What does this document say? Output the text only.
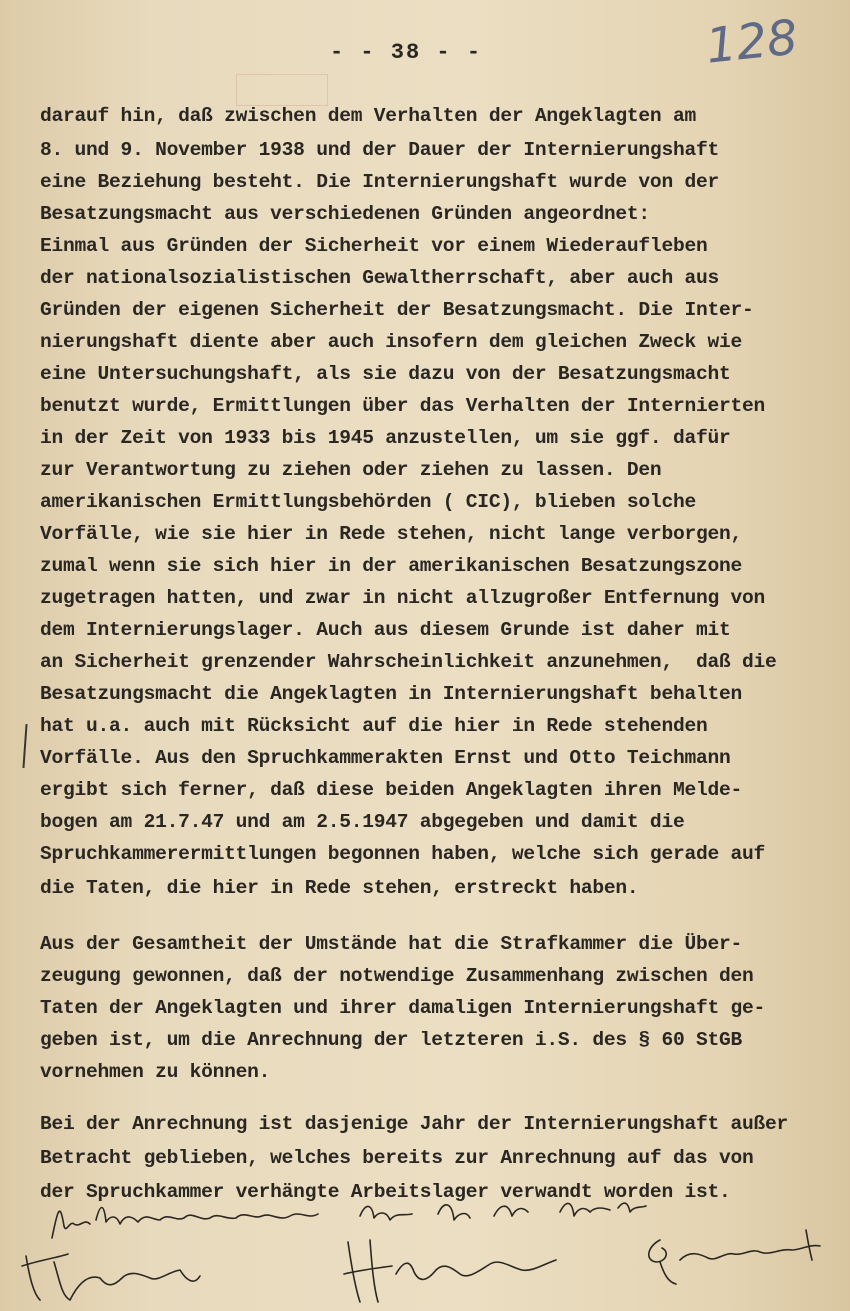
- - 38 - -	128
darauf hin, daß zwischen dem Verhalten der Angeklagten am
8. und 9. November 1938 und der Dauer der Internierungshaft
eine Beziehung besteht. Die Internierungshaft wurde von der
Besatzungsmacht aus verschiedenen Gründen angeordnet:
Einmal aus Gründen der Sicherheit vor einem Wiederaufleben
der nationalsozialistischen Gewaltherrschaft, aber auch aus
Gründen der eigenen Sicherheit der Besatzungsmacht. Die Inter-
nierungshaft diente aber auch insofern dem gleichen Zweck wie
eine Untersuchungshaft, als sie dazu von der Besatzungsmacht
benutzt wurde, Ermittlungen über das Verhalten der Internierten
in der Zeit von 1933 bis 1945 anzustellen, um sie ggf. dafür
zur Verantwortung zu ziehen oder ziehen zu lassen. Den
amerikanischen Ermittlungsbehörden ( CIC), blieben solche
Vorfälle, wie sie hier in Rede stehen, nicht lange verborgen,
zumal wenn sie sich hier in der amerikanischen Besatzungszone
zugetragen hatten, und zwar in nicht allzugroßer Entfernung von
dem Internierungslager. Auch aus diesem Grunde ist daher mit
an Sicherheit grenzender Wahrscheinlichkeit anzunehmen,  daß die
Besatzungsmacht die Angeklagten in Internierungshaft behalten
hat u.a. auch mit Rücksicht auf die hier in Rede stehenden
Vorfälle. Aus den Spruchkammerakten Ernst und Otto Teichmann
ergibt sich ferner, daß diese beiden Angeklagten ihren Melde-
bogen am 21.7.47 und am 2.5.1947 abgegeben und damit die
Spruchkammerermittlungen begonnen haben, welche sich gerade auf
die Taten, die hier in Rede stehen, erstreckt haben.
Aus der Gesamtheit der Umstände hat die Strafkammer die Über-
zeugung gewonnen, daß der notwendige Zusammenhang zwischen den
Taten der Angeklagten und ihrer damaligen Internierungshaft ge-
geben ist, um die Anrechnung der letzteren i.S. des § 60 StGB
vornehmen zu können.
Bei der Anrechnung ist dasjenige Jahr der Internierungshaft außer
Betracht geblieben, welches bereits zur Anrechnung auf das von
der Spruchkammer verhängte Arbeitslager verwandt worden ist.
